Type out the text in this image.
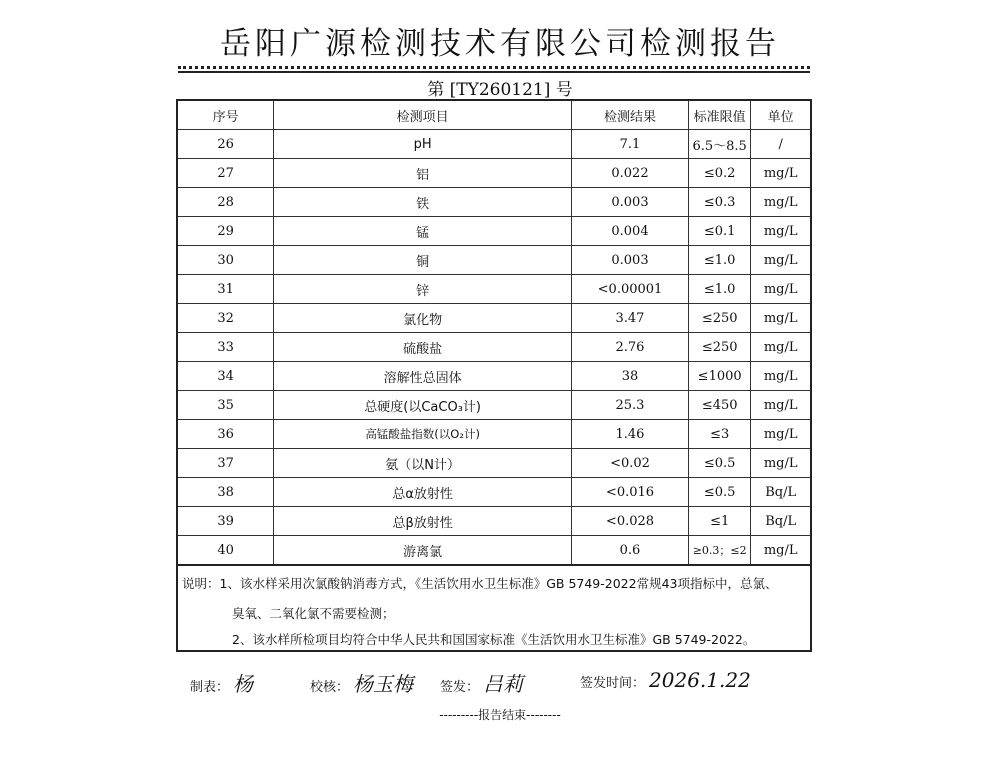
岳阳广源检测技术有限公司检测报告
第 [TY260121] 号
序号	检测项目	检测结果	标准限值	单位
26	pH	7.1	6.5～8.5	/
27	铝	0.022	≤0.2	mg/L
28	铁	0.003	≤0.3	mg/L
29	锰	0.004	≤0.1	mg/L
30	铜	0.003	≤1.0	mg/L
31	锌	<0.00001	≤1.0	mg/L
32	氯化物	3.47	≤250	mg/L
33	硫酸盐	2.76	≤250	mg/L
34	溶解性总固体	38	≤1000	mg/L
35	总硬度(以CaCO₃计)	25.3	≤450	mg/L
36	高锰酸盐指数(以O₂计)	1.46	≤3	mg/L
37	氨（以N计）	<0.02	≤0.5	mg/L
38	总α放射性	<0.016	≤0.5	Bq/L
39	总β放射性	<0.028	≤1	Bq/L
40	游离氯	0.6	≥0.3；≤2	mg/L
说明：1、该水样采用次氯酸钠消毒方式，《生活饮用水卫生标准》GB 5749-2022常规43项指标中，总氯、
臭氧、二氧化氯不需要检测；
2、该水样所检项目均符合中华人民共和国国家标准《生活饮用水卫生标准》GB 5749-2022。
制表： 杨	校核： 杨玉梅 签发： 吕莉	签发时间： 2026.1.22
---------报告结束--------
